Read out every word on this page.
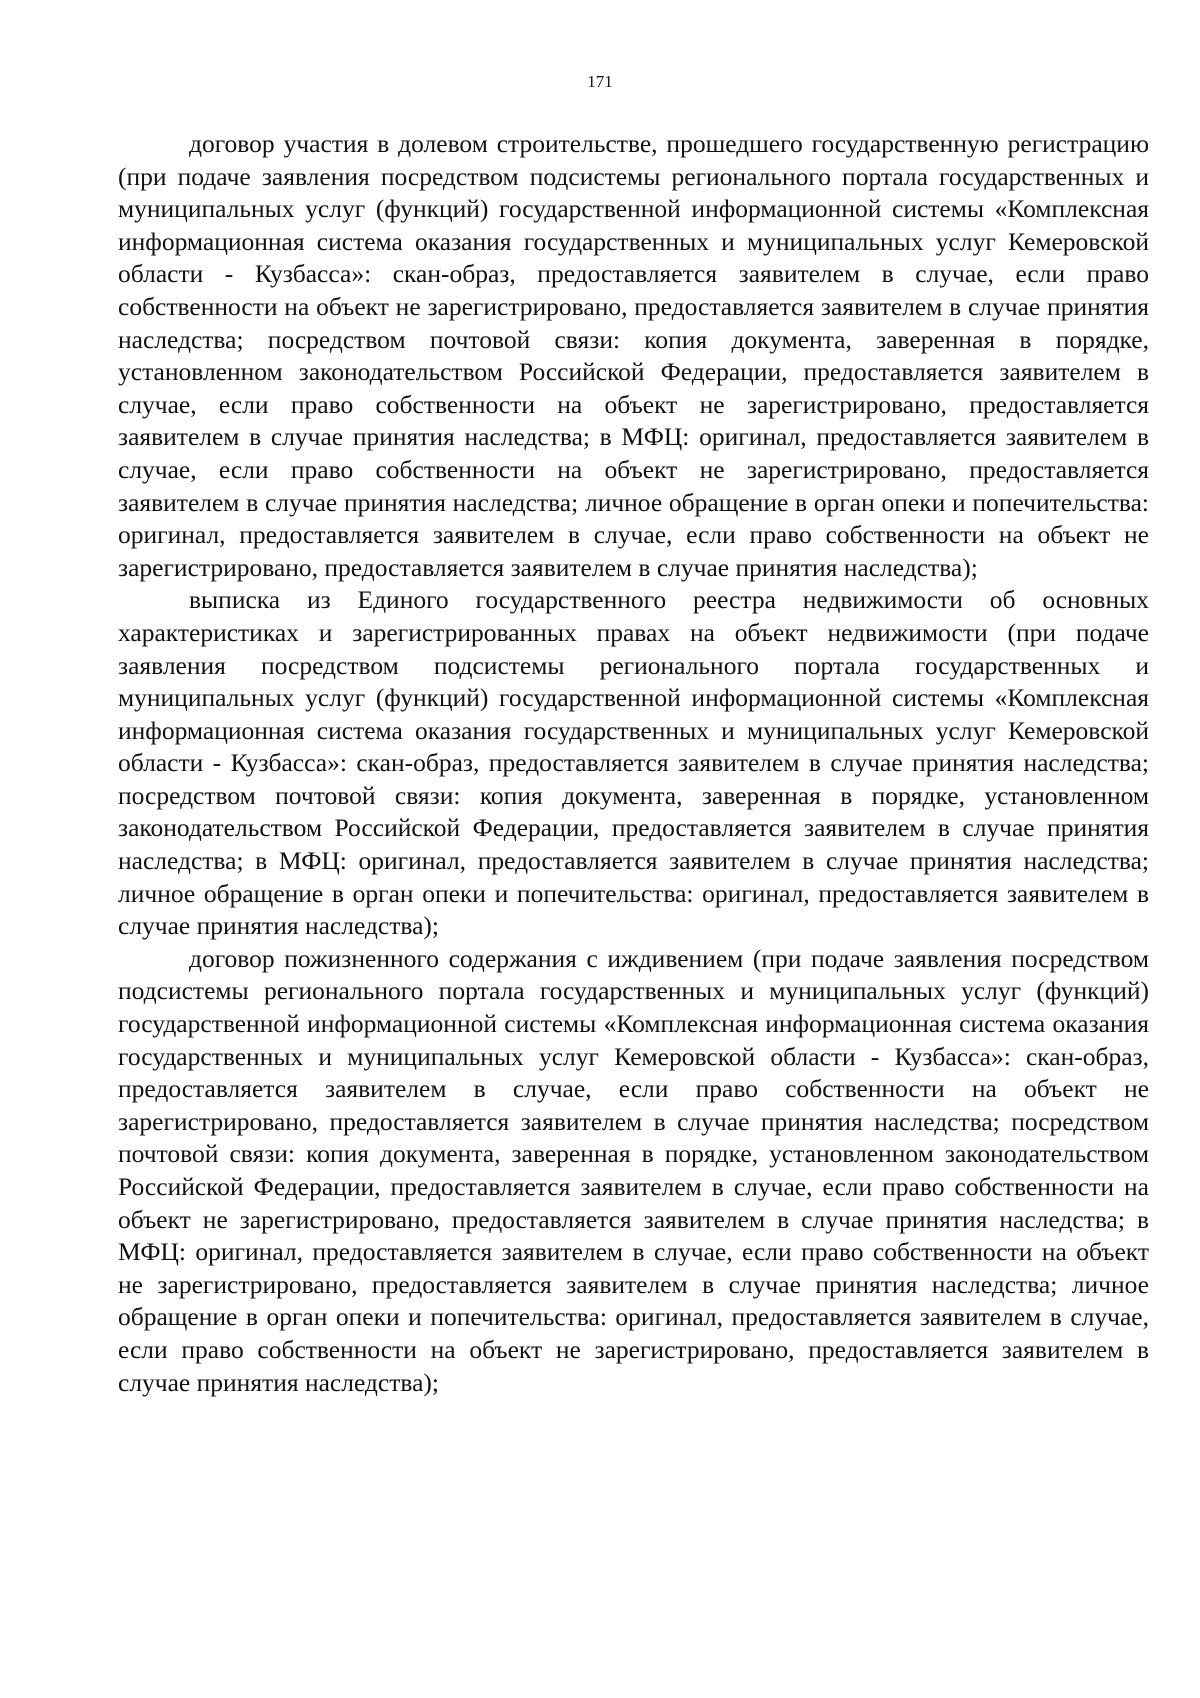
171

договор участия в долевом строительстве, прошедшего государственную регистрацию (при подаче заявления посредством подсистемы регионального портала государственных и муниципальных услуг (функций) государственной информационной системы «Комплексная информационная система оказания государственных и муниципальных услуг Кемеровской области - Кузбасса»: скан-образ, предоставляется заявителем в случае, если право собственности на объект не зарегистрировано, предоставляется заявителем в случае принятия наследства; посредством почтовой связи: копия документа, заверенная в порядке, установленном законодательством Российской Федерации, предоставляется заявителем в случае, если право собственности на объект не зарегистрировано, предоставляется заявителем в случае принятия наследства; в МФЦ: оригинал, предоставляется заявителем в случае, если право собственности на объект не зарегистрировано, предоставляется заявителем в случае принятия наследства; личное обращение в орган опеки и попечительства: оригинал, предоставляется заявителем в случае, если право собственности на объект не зарегистрировано, предоставляется заявителем в случае принятия наследства);

выписка из Единого государственного реестра недвижимости об основных характеристиках и зарегистрированных правах на объект недвижимости (при подаче заявления посредством подсистемы регионального портала государственных и муниципальных услуг (функций) государственной информационной системы «Комплексная информационная система оказания государственных и муниципальных услуг Кемеровской области - Кузбасса»: скан-образ, предоставляется заявителем в случае принятия наследства; посредством почтовой связи: копия документа, заверенная в порядке, установленном законодательством Российской Федерации, предоставляется заявителем в случае принятия наследства; в МФЦ: оригинал, предоставляется заявителем в случае принятия наследства; личное обращение в орган опеки и попечительства: оригинал, предоставляется заявителем в случае принятия наследства);

договор пожизненного содержания с иждивением (при подаче заявления посредством подсистемы регионального портала государственных и муниципальных услуг (функций) государственной информационной системы «Комплексная информационная система оказания государственных и муниципальных услуг Кемеровской области - Кузбасса»: скан-образ, предоставляется заявителем в случае, если право собственности на объект не зарегистрировано, предоставляется заявителем в случае принятия наследства; посредством почтовой связи: копия документа, заверенная в порядке, установленном законодательством Российской Федерации, предоставляется заявителем в случае, если право собственности на объект не зарегистрировано, предоставляется заявителем в случае принятия наследства; в МФЦ: оригинал, предоставляется заявителем в случае, если право собственности на объект не зарегистрировано, предоставляется заявителем в случае принятия наследства; личное обращение в орган опеки и попечительства: оригинал, предоставляется заявителем в случае, если право собственности на объект не зарегистрировано, предоставляется заявителем в случае принятия наследства);
